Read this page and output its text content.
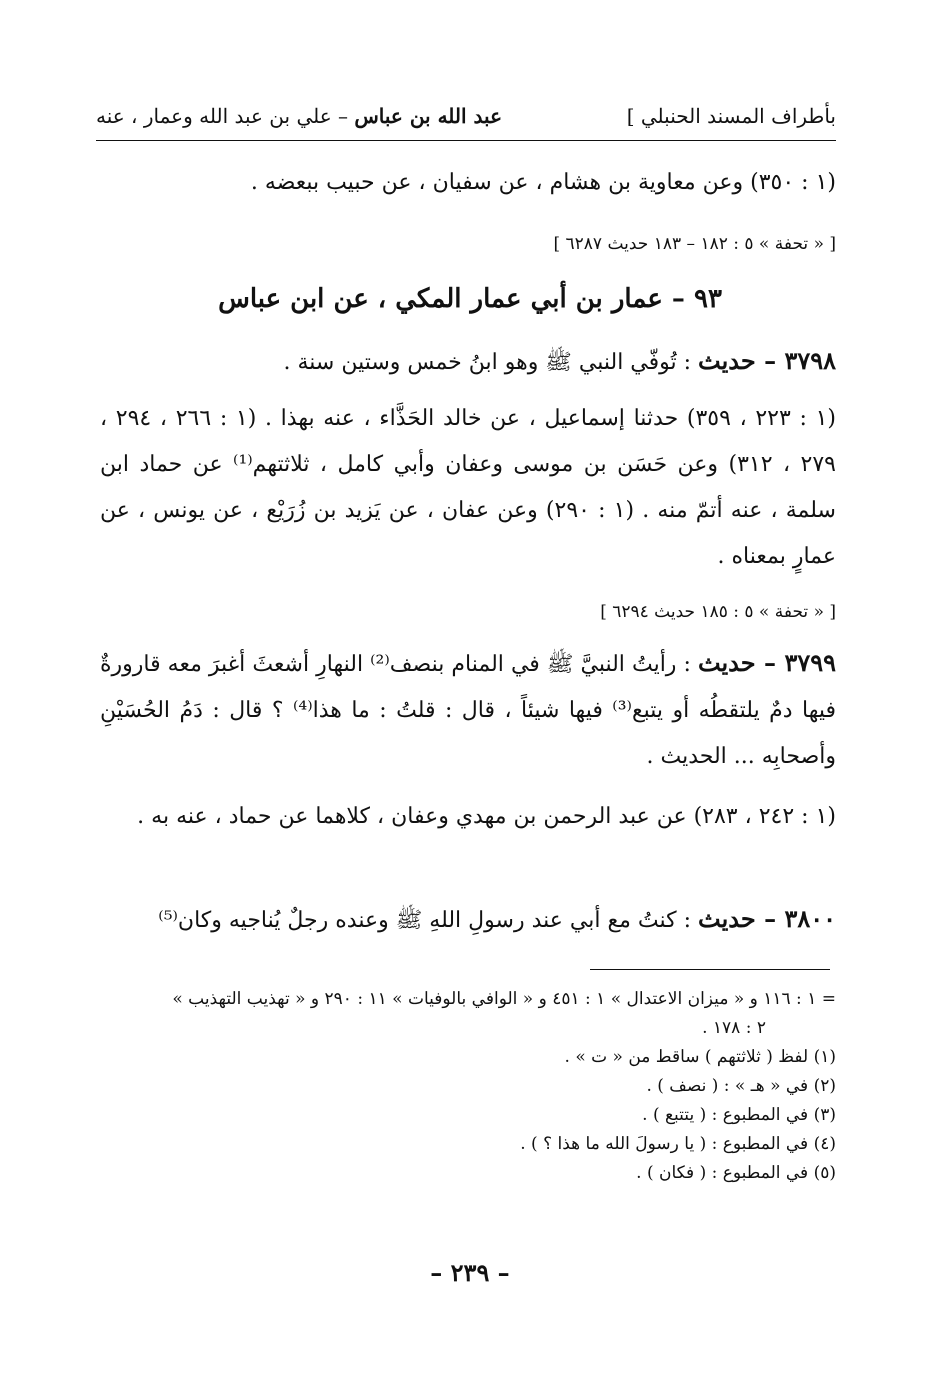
بأطراف المسند الحنبلي ]
عبد الله بن عباس – علي بن عبد الله وعمار ، عنه
(١ : ٣٥٠) وعن معاوية بن هشام ، عن سفيان ، عن حبيب ببعضه .
[ « تحفة » ٥ : ١٨٢ – ١٨٣ حديث ٦٢٨٧ ]
٩٣ – عمار بن أبي عمار المكي ، عن ابن عباس
٣٧٩٨ – حديث : تُوفّي النبي ﷺ وهو ابنُ خمس وستين سنة .
(١ : ٢٢٣ ، ٣٥٩) حدثنا إسماعيل ، عن خالد الحَذَّاء ، عنه بهذا . (١ : ٢٦٦ ، ٢٩٤ ، ٢٧٩ ، ٣١٢) وعن حَسَن بن موسى وعفان وأبي كامل ، ثلاثتهم⁽¹⁾ عن حماد ابن سلمة ، عنه أتمّ منه . (١ : ٢٩٠) وعن عفان ، عن يَزيد بن زُرَيْع ، عن يونس ، عن عمارٍ بمعناه .
[ « تحفة » ٥ : ١٨٥ حديث ٦٢٩٤ ]
٣٧٩٩ – حديث : رأيتُ النبيَّ ﷺ في المنام بنصف⁽²⁾ النهارِ أشعثَ أغبرَ معه قارورةٌ فيها دمٌ يلتقطُه أو يتبع⁽³⁾ فيها شيئاً ، قال : قلتُ : ما هذا⁽⁴⁾ ؟ قال : دَمُ الحُسَيْنِ وأصحابِه ... الحديث .
(١ : ٢٤٢ ، ٢٨٣) عن عبد الرحمن بن مهدي وعفان ، كلاهما عن حماد ، عنه به .
٣٨٠٠ – حديث : كنتُ مع أبي عند رسولِ اللهِ ﷺ وعنده رجلٌ يُناجيه وكان⁽⁵⁾
= ١ : ١١٦ و « ميزان الاعتدال » ١ : ٤٥١ و « الوافي بالوفيات » ١١ : ٢٩٠ و « تهذيب التهذيب »
٢ : ١٧٨ .
(١) لفظ ( ثلاثتهم ) ساقط من « ت » .
(٢) في « هـ » : ( نصف ) .
(٣) في المطبوع : ( يتتبع ) .
(٤) في المطبوع : ( يا رسولَ الله ما هذا ؟ ) .
(٥) في المطبوع : ( فكان ) .
– ٢٣٩ –
